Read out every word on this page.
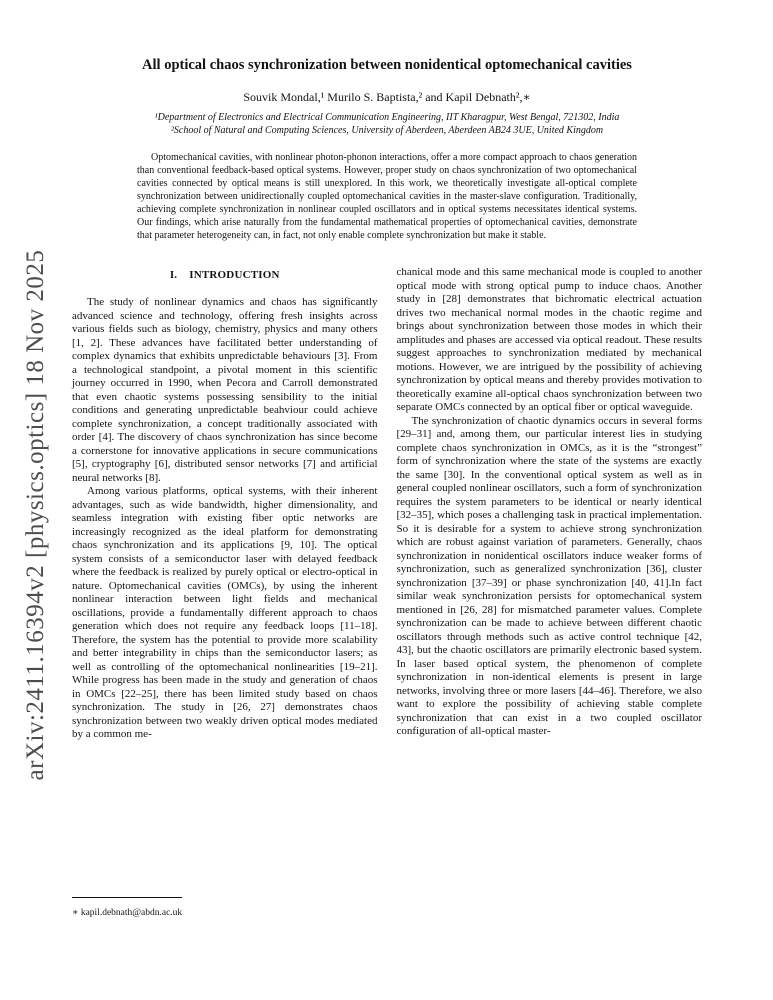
arXiv:2411.16394v2 [physics.optics] 18 Nov 2025
All optical chaos synchronization between nonidentical optomechanical cavities
Souvik Mondal,¹ Murilo S. Baptista,² and Kapil Debnath²,∗
¹Department of Electronics and Electrical Communication Engineering, IIT Kharagpur, West Bengal, 721302, India
²School of Natural and Computing Sciences, University of Aberdeen, Aberdeen AB24 3UE, United Kingdom
Optomechanical cavities, with nonlinear photon-phonon interactions, offer a more compact approach to chaos generation than conventional feedback-based optical systems. However, proper study on chaos synchronization of two optomechanical cavities connected by optical means is still unexplored. In this work, we theoretically investigate all-optical complete synchronization between unidirectionally coupled optomechanical cavities in the master-slave configuration. Traditionally, achieving complete synchronization in nonlinear coupled oscillators and in optical systems necessitates identical systems. Our findings, which arise naturally from the fundamental mathematical properties of optomechanical cavities, demonstrate that parameter heterogeneity can, in fact, not only enable complete synchronization but make it stable.
I. INTRODUCTION

The study of nonlinear dynamics and chaos has significantly advanced science and technology, offering fresh insights across various fields such as biology, chemistry, physics and many others [1, 2]. These advances have facilitated better understanding of complex dynamics that exhibits unpredictable behaviours [3]. From a technological standpoint, a pivotal moment in this scientific journey occurred in 1990, when Pecora and Carroll demonstrated that even chaotic systems possessing sensibility to the initial conditions and generating unpredictable beahviour could achieve complete synchronization, a concept traditionally associated with order [4]. The discovery of chaos synchronization has since become a cornerstone for innovative applications in secure communications [5], cryptography [6], distributed sensor networks [7] and artificial neural networks [8].

Among various platforms, optical systems, with their inherent advantages, such as wide bandwidth, higher dimensionality, and seamless integration with existing fiber optic networks are increasingly recognized as the ideal platform for demonstrating chaos synchronization and its applications [9, 10]. The optical system consists of a semiconductor laser with delayed feedback where the feedback is realized by purely optical or electro-optical in nature. Optomechanical cavities (OMCs), by using the inherent nonlinear interaction between light fields and mechanical oscillations, provide a fundamentally different approach to chaos generation which does not require any feedback loops [11–18]. Therefore, the system has the potential to provide more scalability and better integrability in chips than the semiconductor lasers; as well as controlling of the optomechanical nonlinearities [19–21]. While progress has been made in the study and generation of chaos in OMCs [22–25], there has been limited study based on chaos synchronization. The study in [26, 27] demonstrates chaos synchronization between two weakly driven optical modes mediated by a common me-

chanical mode and this same mechanical mode is coupled to another optical mode with strong optical pump to induce chaos. Another study in [28] demonstrates that bichromatic electrical actuation drives two mechanical normal modes in the chaotic regime and brings about synchronization between those modes in which their amplitudes and phases are accessed via optical readout. These results suggest approaches to synchronization mediated by mechanical motions. However, we are intrigued by the possibility of achieving synchronization by optical means and thereby provides motivation to theoretically examine all-optical chaos synchronization between two separate OMCs connected by an optical fiber or optical waveguide.

The synchronization of chaotic dynamics occurs in several forms [29–31] and, among them, our particular interest lies in studying complete chaos synchronization in OMCs, as it is the “strongest” form of synchronization where the state of the systems are exactly the same [30]. In the conventional optical system as well as in general coupled nonlinear oscillators, such a form of synchronization requires the system parameters to be identical or nearly identical [32–35], which poses a challenging task in practical implementation. So it is desirable for a system to achieve strong synchronization which are robust against variation of parameters. Generally, chaos synchronization in nonidentical oscillators induce weaker forms of synchronization, such as generalized synchronization [36], cluster synchronization [37–39] or phase synchronization [40, 41].In fact similar weak synchronization persists for optomechanical system mentioned in [26, 28] for mismatched parameter values. Complete synchronization can be made to achieve between different chaotic oscillators through methods such as active control technique [42, 43], but the chaotic oscillators are primarily electronic based system. In laser based optical system, the phenomenon of complete synchronization in non-identical elements is present in large networks, involving three or more lasers [44–46]. Therefore, we also want to explore the possibility of achieving stable complete synchronization that can exist in a two coupled oscillator configuration of all-optical master-

∗ kapil.debnath@abdn.ac.uk
